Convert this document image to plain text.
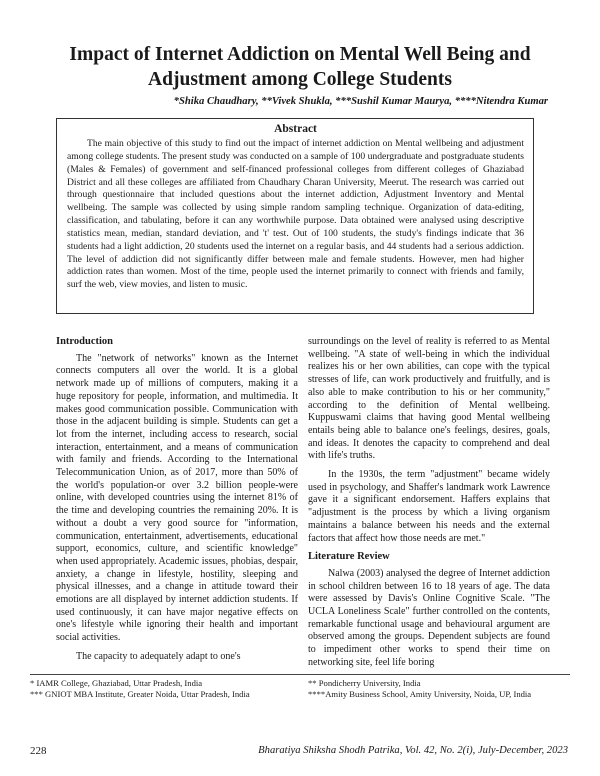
Impact of Internet Addiction on Mental Well Being and Adjustment among College Students
*Shika Chaudhary, **Vivek Shukla, ***Sushil Kumar Maurya, ****Nitendra Kumar
Abstract

The main objective of this study to find out the impact of internet addiction on Mental wellbeing and adjustment among college students. The present study was conducted on a sample of 100 undergraduate and postgraduate students (Males & Females) of government and self-financed professional colleges from different colleges of Ghaziabad District and all these colleges are affiliated from Chaudhary Charan University, Meerut. The research was carried out through questionnaire that included questions about the internet addiction, Adjustment Inventory and Mental wellbeing. The sample was collected by using simple random sampling technique. Organization of data-editing, classification, and tabulating, before it can any worthwhile purpose. Data obtained were analysed using descriptive statistics mean, median, standard deviation, and 't' test. Out of 100 students, the study's findings indicate that 36 students had a light addiction, 20 students used the internet on a regular basis, and 44 students had a serious addiction. The level of addiction did not significantly differ between male and female students. However, men had higher addiction rates than women. Most of the time, people used the internet primarily to connect with friends and family, surf the web, view movies, and listen to music.

Introduction

The "network of networks" known as the Internet connects computers all over the world. It is a global network made up of millions of computers, making it a huge repository for people, information, and multimedia. It makes good communication possible. Communication with those in the adjacent building is simple. Students can get a lot from the internet, including access to research, social interaction, entertainment, and a means of communication with family and friends. According to the International Telecommunication Union, as of 2017, more than 50% of the world's population-or over 3.2 billion people-were online, with developed countries using the internet 81% of the time and developing countries the remaining 20%. It is without a doubt a very good source for "information, communication, entertainment, advertisements, educational support, economics, culture, and scientific knowledge" when used appropriately. Academic issues, phobias, despair, anxiety, a change in lifestyle, hostility, sleeping and physical illnesses, and a change in attitude toward their emotions are all displayed by internet addiction students. If used continuously, it can have major negative effects on one's lifestyle while ignoring their health and important social activities.

The capacity to adequately adapt to one's

surroundings on the level of reality is referred to as Mental wellbeing. "A state of well-being in which the individual realizes his or her own abilities, can cope with the typical stresses of life, can work productively and fruitfully, and is also able to make contribution to his or her community," according to the definition of Mental wellbeing. Kuppuswami claims that having good Mental wellbeing entails being able to balance one's feelings, desires, goals, and ideas. It denotes the capacity to comprehend and deal with life's truths.

In the 1930s, the term "adjustment" became widely used in psychology, and Shaffer's landmark work Lawrence gave it a significant endorsement. Haffers explains that "adjustment is the process by which a living organism maintains a balance between his needs and the external factors that affect how those needs are met."

Literature Review

Nalwa (2003) analysed the degree of Internet addiction in school children between 16 to 18 years of age. The data were assessed by Davis's Online Cognitive Scale. "The UCLA Loneliness Scale" further controlled on the contents, remarkable functional usage and behavioural argument are observed among the groups. Dependent subjects are found to impediment other works to spend their time on networking site, feel life boring

* IAMR College, Ghaziabad, Uttar Pradesh, India	** Pondicherry University, India
*** GNIOT MBA Institute, Greater Noida, Uttar Pradesh, India	****Amity Business School, Amity University, Noida, UP, India
228	Bharatiya Shiksha Shodh Patrika, Vol. 42, No. 2(i), July-December, 2023
